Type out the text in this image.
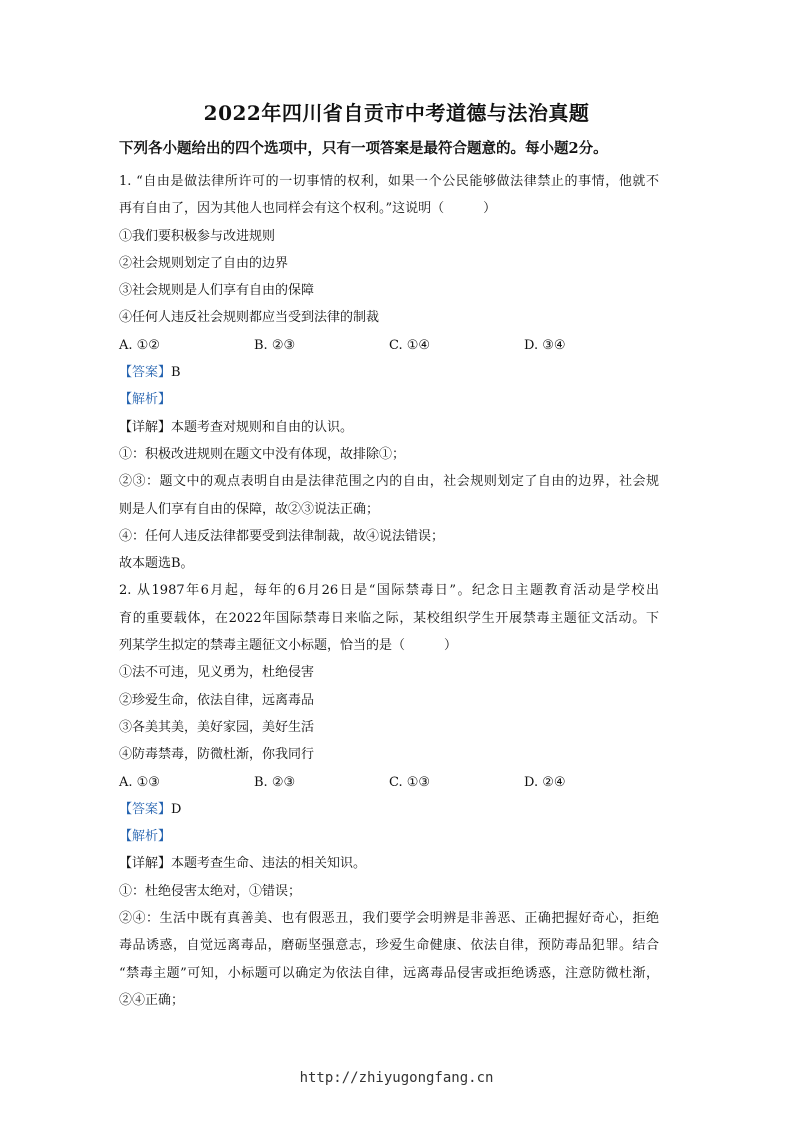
2022年四川省自贡市中考道德与法治真题
下列各小题给出的四个选项中，只有一项答案是最符合题意的。每小题2分。
1. “自由是做法律所许可的一切事情的权利，如果一个公民能够做法律禁止的事情，他就不
再有自由了，因为其他人也同样会有这个权利。”这说明（　　　）
①我们要积极参与改进规则
②社会规则划定了自由的边界
③社会规则是人们享有自由的保障
④任何人违反社会规则都应当受到法律的制裁
A. ①②	B. ②③	C. ①④	D. ③④
【答案】B
【解析】
【详解】本题考查对规则和自由的认识。
①：积极改进规则在题文中没有体现，故排除①；
②③：题文中的观点表明自由是法律范围之内的自由，社会规则划定了自由的边界，社会规
则是人们享有自由的保障，故②③说法正确；
④：任何人违反法律都要受到法律制裁，故④说法错误；
故本题选B。
2. 从1987年6月起，每年的6月26日是“国际禁毒日”。纪念日主题教育活动是学校出
育的重要载体，在2022年国际禁毒日来临之际，某校组织学生开展禁毒主题征文活动。下
列某学生拟定的禁毒主题征文小标题，恰当的是（　　　）
①法不可违，见义勇为，杜绝侵害
②珍爱生命，依法自律，远离毒品
③各美其美，美好家园，美好生活
④防毒禁毒，防微杜渐，你我同行
A. ①③	B. ②③	C. ①③	D. ②④
【答案】D
【解析】
【详解】本题考查生命、违法的相关知识。
①：杜绝侵害太绝对，①错误；
②④：生活中既有真善美、也有假恶丑，我们要学会明辨是非善恶、正确把握好奇心，拒绝
毒品诱惑，自觉远离毒品，磨砺坚强意志，珍爱生命健康、依法自律，预防毒品犯罪。结合
“禁毒主题”可知，小标题可以确定为依法自律，远离毒品侵害或拒绝诱惑，注意防微杜渐，
②④正确；
http://zhiyugongfang.cn
